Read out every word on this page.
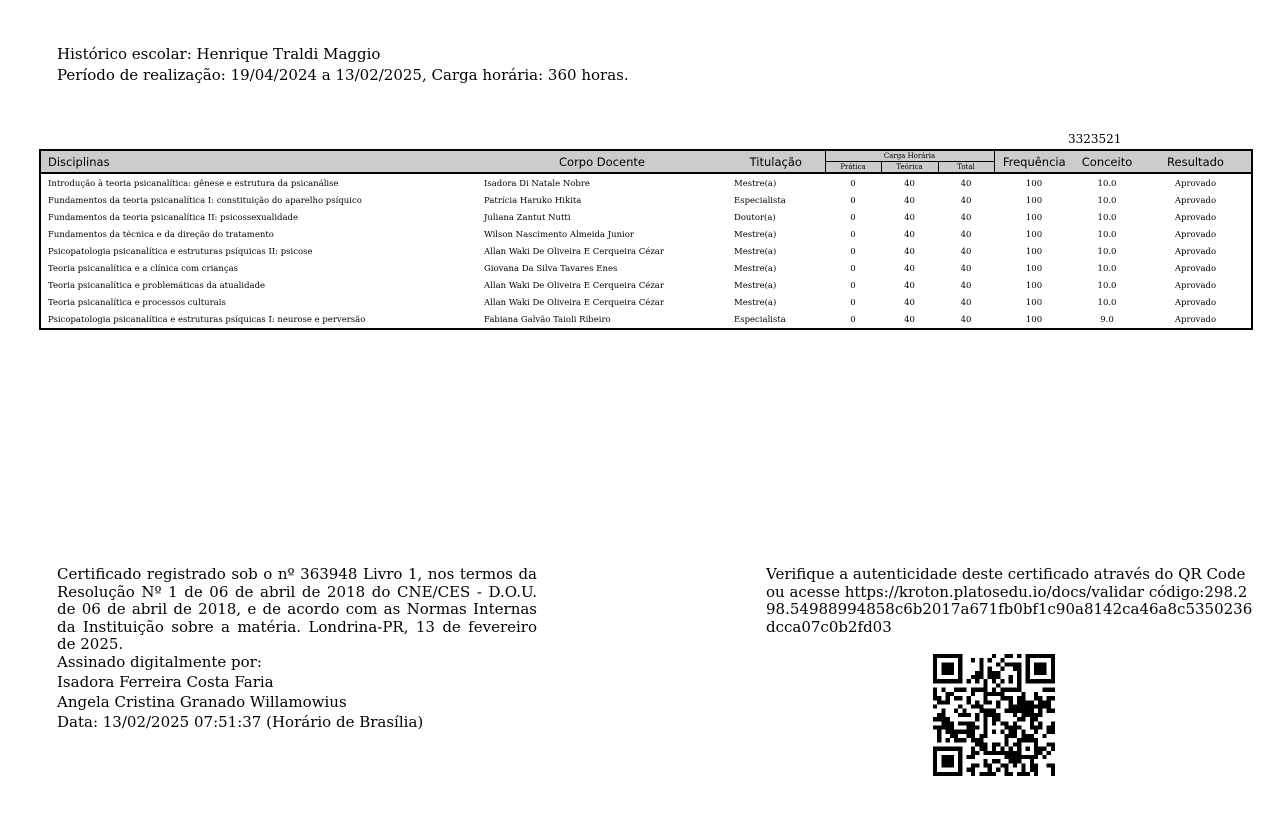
Histórico escolar: Henrique Traldi Maggio
Período de realização: 19/04/2024 a 13/02/2025, Carga horária: 360 horas.
3323521
Disciplinas	Corpo Docente	Titulação	Carga Horária			Frequência	Conceito	Resultado
			Prática	Teórica	Total			
Introdução à teoria psicanalítica: gênese e estrutura da psicanálise	Isadora Di Natale Nobre	Mestre(a)	0	40	40	100	10.0	Aprovado
Fundamentos da teoria psicanalítica I: constituição do aparelho psíquico	Patrícia Haruko Hikita	Especialista	0	40	40	100	10.0	Aprovado
Fundamentos da teoria psicanalítica II: psicossexualidade	Juliana Zantut Nutti	Doutor(a)	0	40	40	100	10.0	Aprovado
Fundamentos da técnica e da direção do tratamento	Wilson Nascimento Almeida Junior	Mestre(a)	0	40	40	100	10.0	Aprovado
Psicopatologia psicanalítica e estruturas psíquicas II: psicose	Allan Waki De Oliveira E Cerqueira Cézar	Mestre(a)	0	40	40	100	10.0	Aprovado
Teoria psicanalítica e a clínica com crianças	Giovana Da Silva Tavares Enes	Mestre(a)	0	40	40	100	10.0	Aprovado
Teoria psicanalítica e problemáticas da atualidade	Allan Waki De Oliveira E Cerqueira Cézar	Mestre(a)	0	40	40	100	10.0	Aprovado
Teoria psicanalítica e processos culturais	Allan Waki De Oliveira E Cerqueira Cézar	Mestre(a)	0	40	40	100	10.0	Aprovado
Psicopatologia psicanalítica e estruturas psíquicas I: neurose e perversão	Fabiana Galvão Taioli Ribeiro	Especialista	0	40	40	100	9.0	Aprovado
Certificado registrado sob o nº 363948 Livro 1, nos termos da Resolução Nº 1 de 06 de abril de 2018 do CNE/CES - D.O.U. de 06 de abril de 2018, e de acordo com as Normas Internas da Instituição sobre a matéria. Londrina-PR, 13 de fevereiro de 2025.
Assinado digitalmente por:
Isadora Ferreira Costa Faria
Angela Cristina Granado Willamowius
Data: 13/02/2025 07:51:37 (Horário de Brasília)
Verifique a autenticidade deste certificado através do QR Code ou acesse https://kroton.platosedu.io/docs/validar código:298.298.54988994858c6b2017a671fb0bf1c90a8142ca46a8c5350236dcca07c0b2fd03
